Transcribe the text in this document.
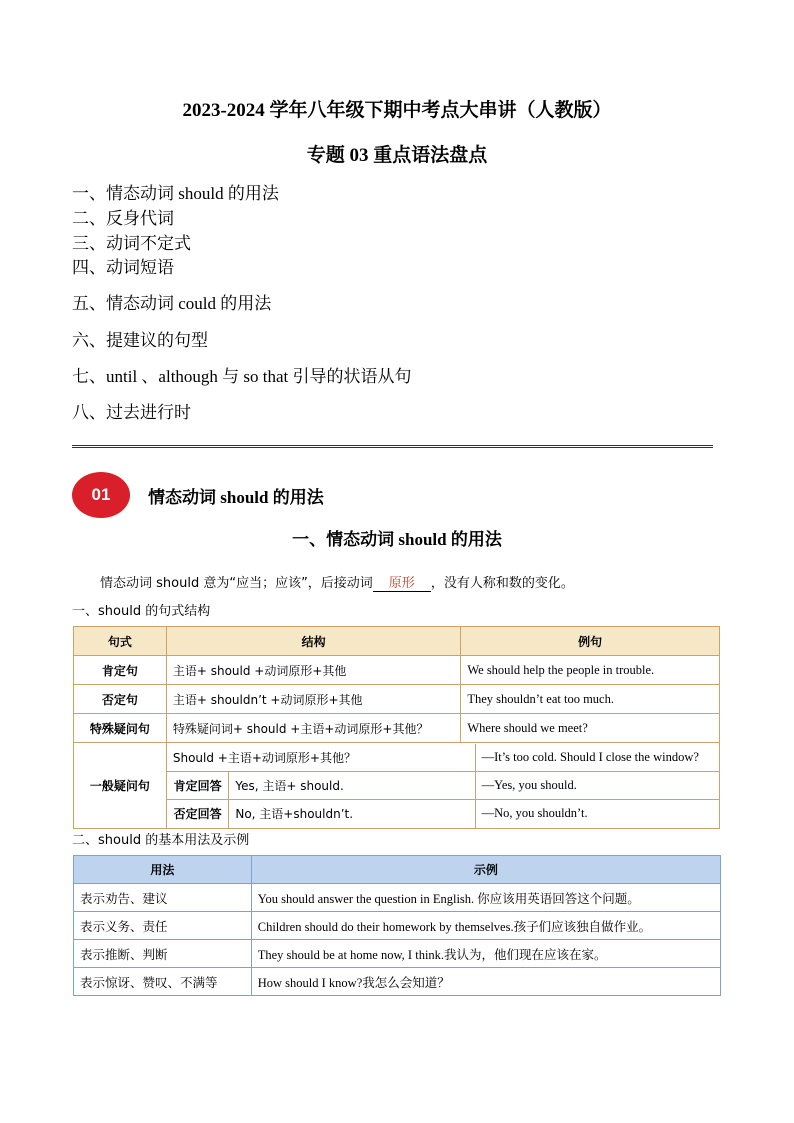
2023-2024 学年八年级下期中考点大串讲（人教版）
专题 03 重点语法盘点
一、情态动词 should 的用法
二、反身代词
三、动词不定式
四、动词短语
五、情态动词 could 的用法
六、提建议的句型
七、until 、although 与 so that 引导的状语从句
八、过去进行时
01	情态动词 should 的用法
一、情态动词 should 的用法
情态动词 should 意为“应当；应该”，后接动词 原形 ，没有人称和数的变化。
一、should 的句式结构
句式		结构	例句

肯定句		主语+ should +动词原形+其他	We should help the people in trouble.

否定句		主语+ shouldn’t +动词原形+其他	They shouldn’t eat too much.

特殊疑问句	特殊疑问词+ should +主语+动词原形+其他？	Where should we meet?

一般疑问句	
Should +主语+动词原形+其他？	—It’s too cold. Should I close the window?
肯定回答	Yes, 主语+ should.	—Yes, you should.
否定回答	No, 主语+shouldn’t.	—No, you shouldn’t.
二、should 的基本用法及示例
用法	示例
表示劝告、建议	You should answer the question in English. 你应该用英语回答这个问题。
表示义务、责任	Children should do their homework by themselves.孩子们应该独自做作业。
表示推断、判断	They should be at home now, I think.我认为，他们现在应该在家。
表示惊讶、赞叹、不满等	How should I know?我怎么会知道？
